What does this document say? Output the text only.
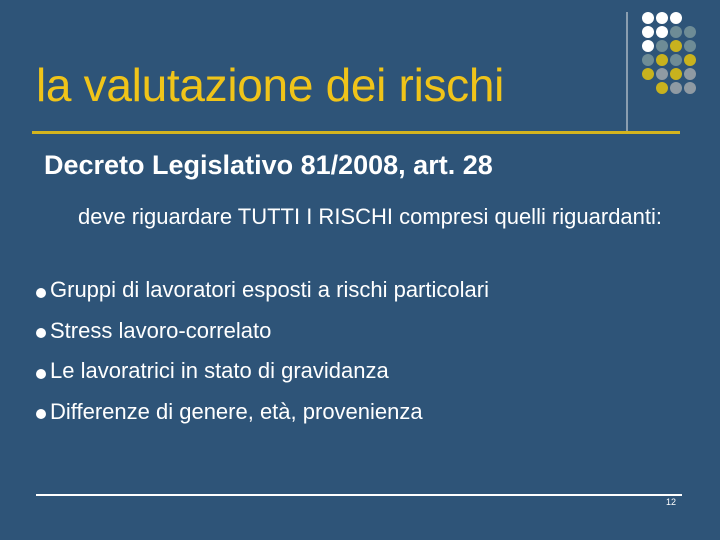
la valutazione dei rischi
Decreto Legislativo 81/2008, art. 28
deve riguardare TUTTI I RISCHI compresi quelli riguardanti:
Gruppi di lavoratori esposti a rischi particolari
Stress lavoro-correlato
Le lavoratrici in stato di gravidanza
Differenze di genere, età, provenienza
12
